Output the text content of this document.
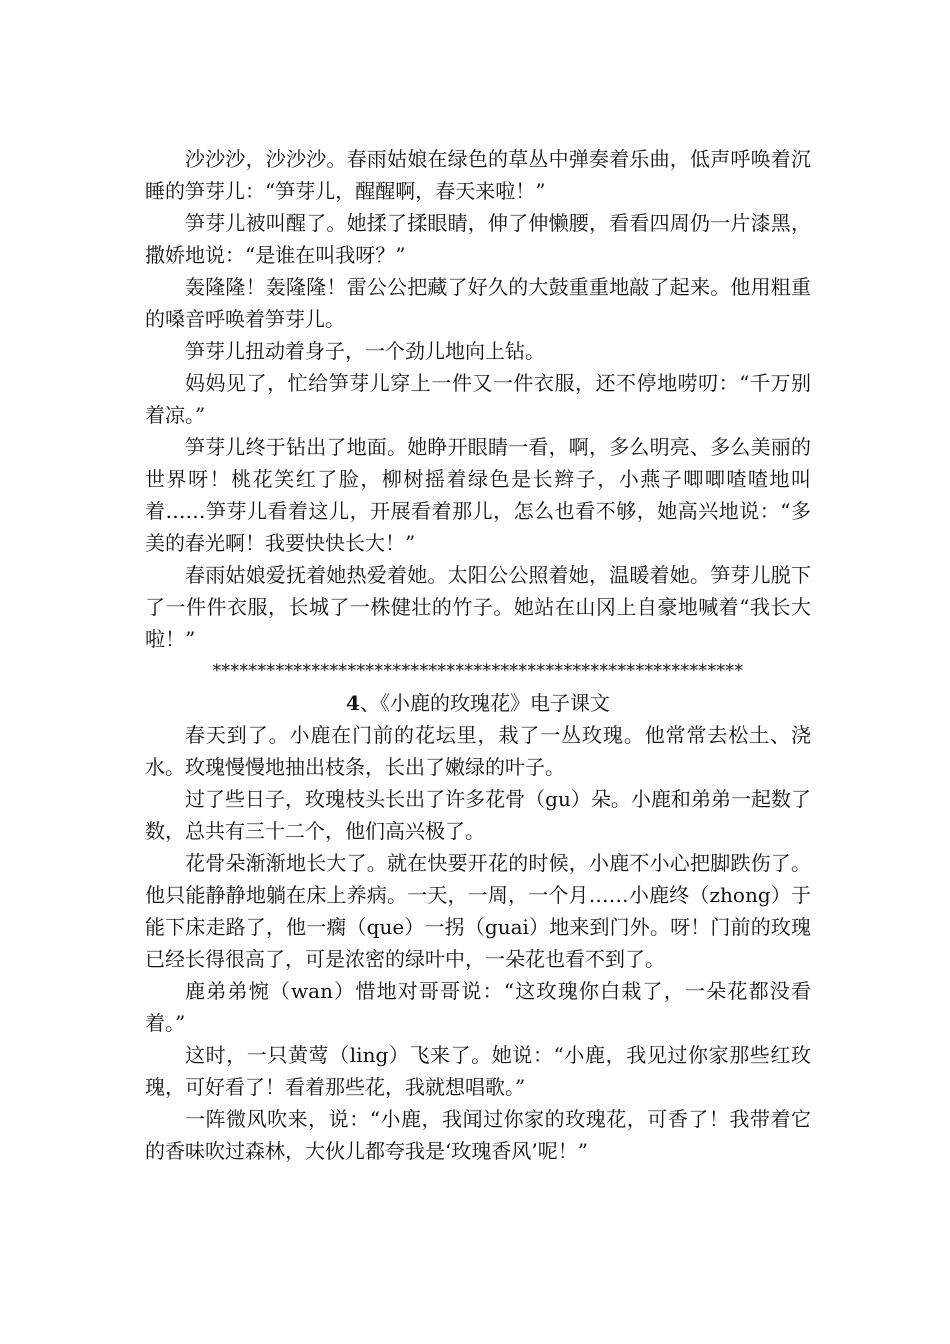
沙沙沙，沙沙沙。春雨姑娘在绿色的草丛中弹奏着乐曲，低声呼唤着沉睡的笋芽儿：“笋芽儿，醒醒啊，春天来啦！”

笋芽儿被叫醒了。她揉了揉眼睛，伸了伸懒腰，看看四周仍一片漆黑，撒娇地说：“是谁在叫我呀？”

轰隆隆！轰隆隆！雷公公把藏了好久的大鼓重重地敲了起来。他用粗重的嗓音呼唤着笋芽儿。

笋芽儿扭动着身子，一个劲儿地向上钻。

妈妈见了，忙给笋芽儿穿上一件又一件衣服，还不停地唠叨：“千万别着凉。”

笋芽儿终于钻出了地面。她睁开眼睛一看，啊，多么明亮、多么美丽的世界呀！桃花笑红了脸，柳树摇着绿色是长辫子，小燕子唧唧喳喳地叫着……笋芽儿看着这儿，开展看着那儿，怎么也看不够，她高兴地说：“多美的春光啊！我要快快长大！”

春雨姑娘爱抚着她热爱着她。太阳公公照着她，温暖着她。笋芽儿脱下了一件件衣服，长城了一株健壮的竹子。她站在山冈上自豪地喊着“我长大啦！”

***********************************************************

4、《小鹿的玫瑰花》电子课文

春天到了。小鹿在门前的花坛里，栽了一丛玫瑰。他常常去松土、浇水。玫瑰慢慢地抽出枝条，长出了嫩绿的叶子。

过了些日子，玫瑰枝头长出了许多花骨（gu）朵。小鹿和弟弟一起数了数，总共有三十二个，他们高兴极了。

花骨朵渐渐地长大了。就在快要开花的时候，小鹿不小心把脚跌伤了。他只能静静地躺在床上养病。一天，一周，一个月……小鹿终（zhong）于能下床走路了，他一瘸（que）一拐（guai）地来到门外。呀！门前的玫瑰已经长得很高了，可是浓密的绿叶中，一朵花也看不到了。

鹿弟弟惋（wan）惜地对哥哥说：“这玫瑰你白栽了，一朵花都没看着。”

这时，一只黄莺（ling）飞来了。她说：“小鹿，我见过你家那些红玫瑰，可好看了！看着那些花，我就想唱歌。”

一阵微风吹来，说：“小鹿，我闻过你家的玫瑰花，可香了！我带着它的香味吹过森林，大伙儿都夸我是‘玫瑰香风’呢！”
